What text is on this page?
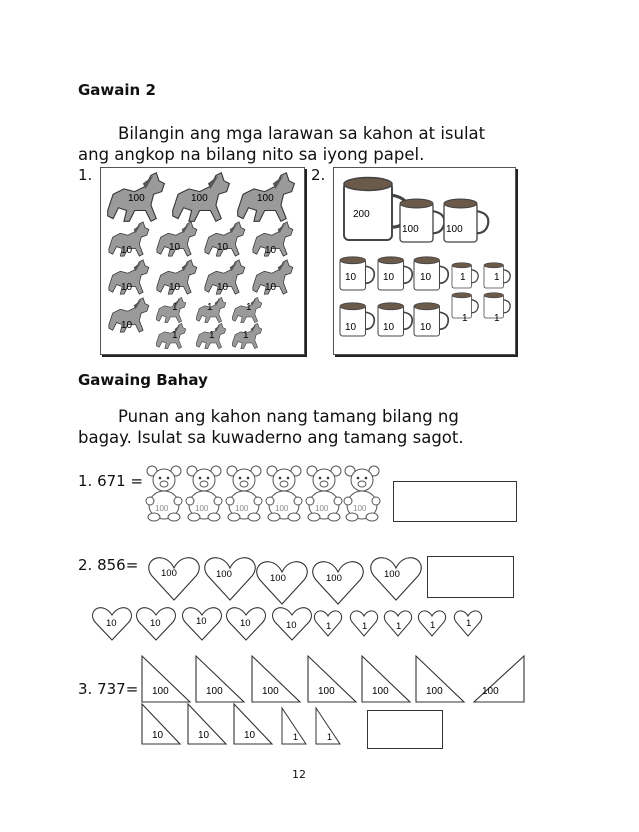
Gawain 2
Bilangin ang mga larawan sa kahon at isulat
ang angkop na bilang nito sa iyong papel.
1.	2.
100	100	100
10	10	10	10
10	10	10	10
10
1	1	1
1	1	1
200
100	100
10	10	10	1	1
10	10	10
1	1
Gawaing Bahay
Punan ang kahon nang tamang bilang ng
bagay. Isulat sa kuwaderno ang tamang sagot.
1. 671 =
100	100	100	100	100	100
2. 856= 100	100	100	100	100
10	10	10	10	10	1	1	1	1	1
3. 737= 100	100	100	100	100	100	100
10	10	10	1	1
12
